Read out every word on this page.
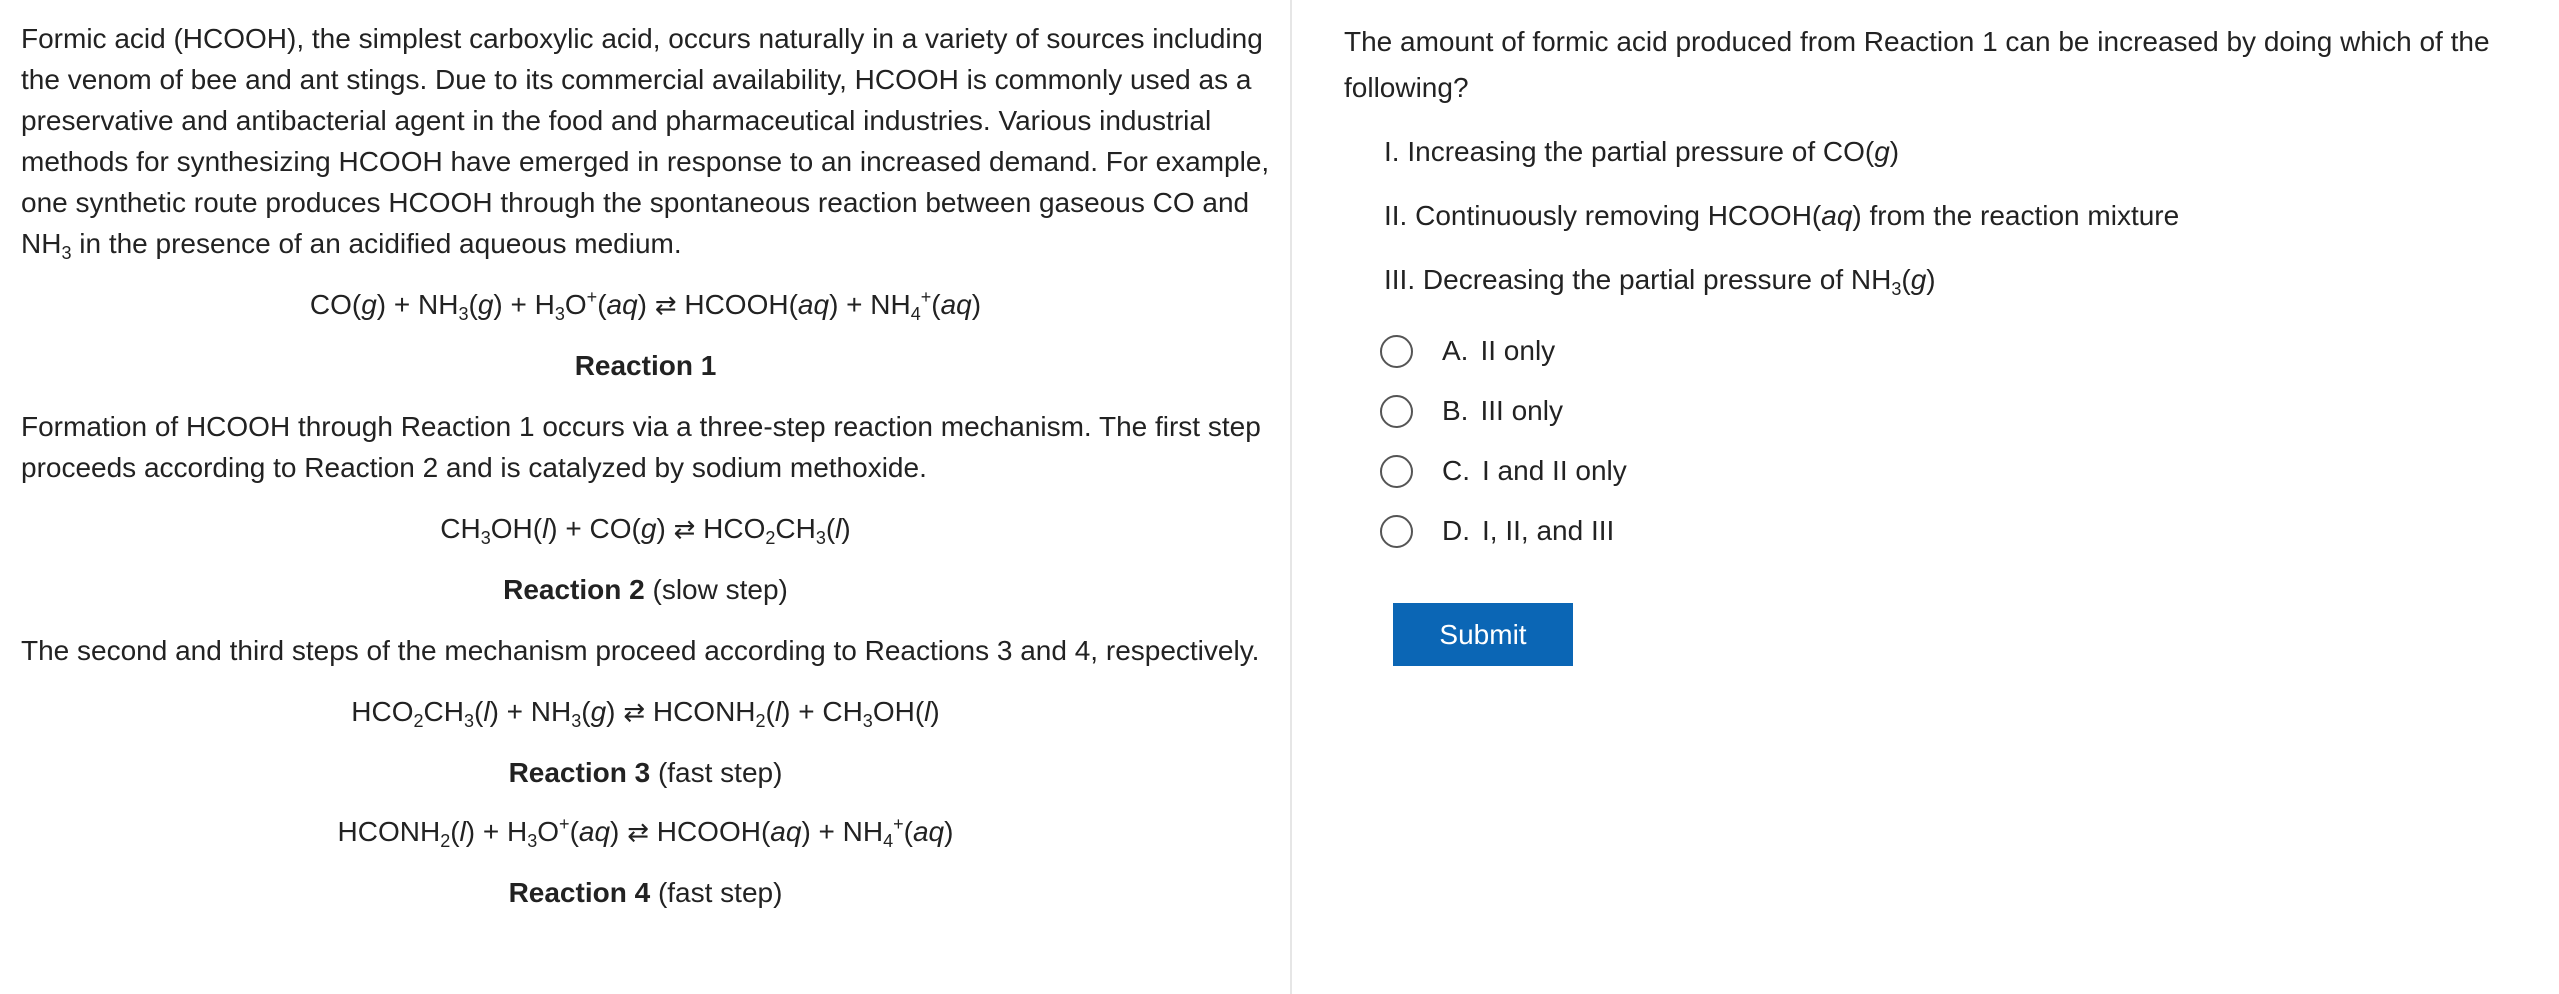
Formic acid (HCOOH), the simplest carboxylic acid, occurs naturally in a variety of sources including the venom of bee and ant stings. Due to its commercial availability, HCOOH is commonly used as a preservative and antibacterial agent in the food and pharmaceutical industries. Various industrial methods for synthesizing HCOOH have emerged in response to an increased demand. For example, one synthetic route produces HCOOH through the spontaneous reaction between gaseous CO and $NH_3$ in the presence of an acidified aqueous medium.

$CO(g) + NH_3(g) + H_3O^+(aq)$ ⇄ HCOOH(aq) + $NH_4^+(aq)$

Reaction 1

Formation of HCOOH through Reaction 1 occurs via a three-step reaction mechanism. The first step proceeds according to Reaction 2 and is catalyzed by sodium methoxide.

$CH_3OH(l) + CO(g)$ ⇄ $HCO_2CH_3(l)$

Reaction 2 (slow step)

The second and third steps of the mechanism proceed according to Reactions 3 and 4, respectively.

$HCO_2CH_3(l) + NH_3(g)$ ⇄ $HCONH_2(l) + CH_3OH(l)$

Reaction 3 (fast step)

$HCONH_2(l) + H_3O^+(aq)$ ⇄ HCOOH(aq) + $NH_4^+(aq)$

Reaction 4 (fast step)

The amount of formic acid produced from Reaction 1 can be increased by doing which of the following?

I. Increasing the partial pressure of CO(g)

II. Continuously removing HCOOH(aq) from the reaction mixture

III. Decreasing the partial pressure of $NH_3(g)$

A. II only
B. III only
C. I and II only
D. I, II, and III
Submit
